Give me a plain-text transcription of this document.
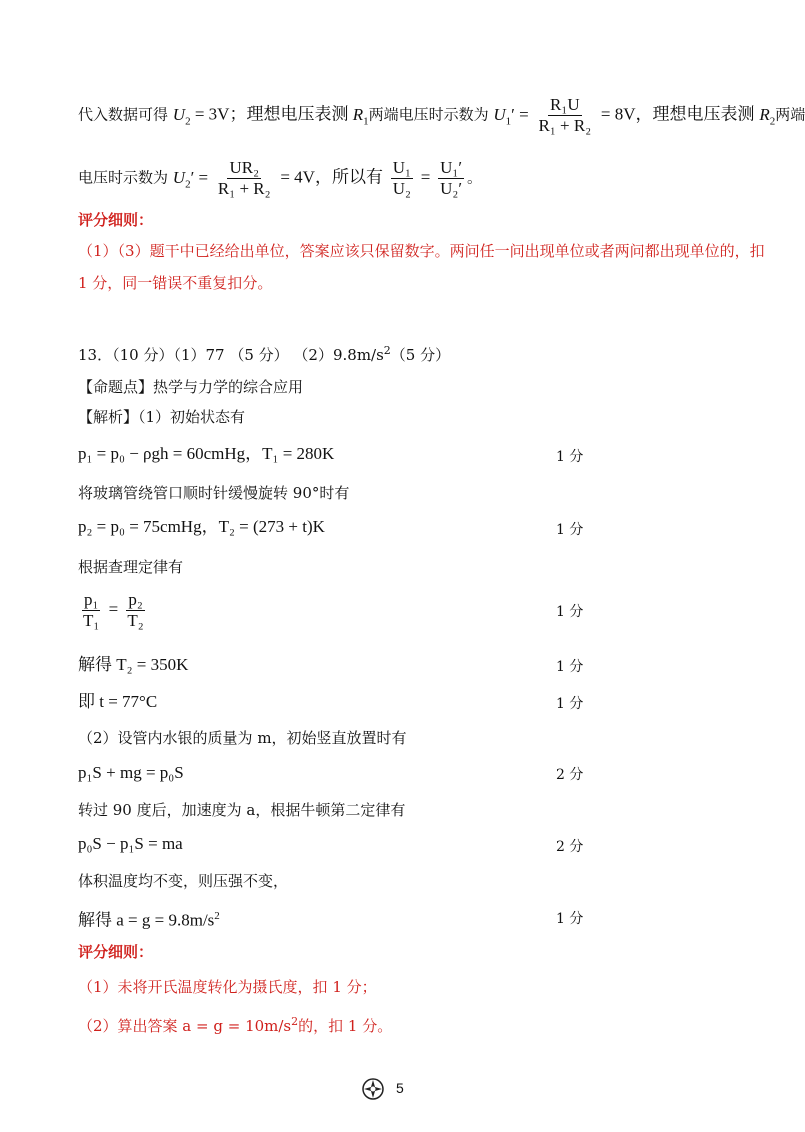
代入数据可得 $U_2 = 3V$；理想电压表测 $R_1$两端电压时示数为 $U_1' = \frac{\text{R₁U}}{\text{R₁ + R₂}} = 8V$，理想电压表测 $R_2$两端
电压时示数为 $U_2' = \frac{\text{UR₂}}{\text{R₁ + R₂}} = 4V$，所以有 $\frac{\text{U₁}}{\text{U₂}} = \frac{\text{U₁′}}{\text{U₂′}}$ 。
评分细则：
（1）（3）题干中已经给出单位，答案应该只保留数字。两问任一问出现单位或者两问都出现单位的，扣
1 分，同一错误不重复扣分。
13．（10 分）（1）77 （5 分） $(2)9.8m/s^2(5$ 分）
【命题点】热学与力学的综合应用
【解析】（1）初始状态有
p₁ = p₀ − ρgh = 60cmHg，T₁ = 280K	1 分
将玻璃管绕管口顺时针缓慢旋转 90°时有
p₂ = p₀ = 75cmHg，T₂ = (273 + t)K	1 分
根据查理定律有
$\frac{\text{p₁}}{\text{T₁}} = \frac{\text{p₂}}{\text{T₂}}$	1 分
解得 T₂ = 350K	1 分
即 t = 77°C	1 分
（2）设管内水银的质量为 m，初始竖直放置时有
p₁S + mg = p₀S	2 分
转过 90 度后，加速度为 a，根据牛顿第二定律有
p₀S − p₁S = ma	2 分
体积温度均不变，则压强不变，
解得 $a = g = 9.8m/s^2$	1 分
评分细则：
（1）未将开氏温度转化为摄氏度，扣 1 分；
（2）算出答案 $a = g = 10m/s^2$的，扣 1 分。
5
